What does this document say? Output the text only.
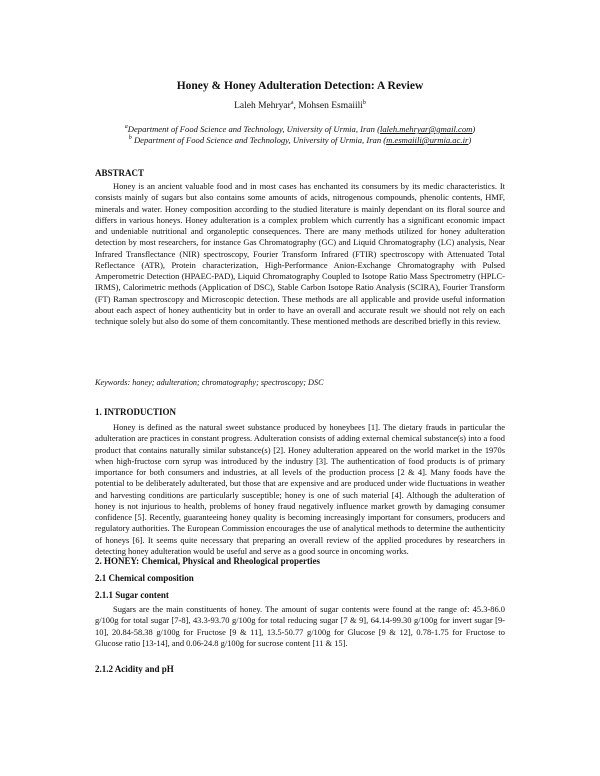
Honey & Honey Adulteration Detection: A Review
Laleh Mehryar$^a$, Mohsen Esmaiili$^b$
$^a$Department of Food Science and Technology, University of Urmia, Iran (laleh.mehryar@gmail.com)
$^b$ Department of Food Science and Technology, University of Urmia, Iran (m.esmaiili@urmia.ac.ir)
ABSTRACT

Honey is an ancient valuable food and in most cases has enchanted its consumers by its medic characteristics. It consists mainly of sugars but also contains some amounts of acids, nitrogenous compounds, phenolic contents, HMF, minerals and water. Honey composition according to the studied literature is mainly dependant on its floral source and differs in various honeys. Honey adulteration is a complex problem which currently has a significant economic impact and undeniable nutritional and organoleptic consequences. There are many methods utilized for honey adulteration detection by most researchers, for instance Gas Chromatography (GC) and Liquid Chromatography (LC) analysis, Near Infrared Transflectance (NIR) spectroscopy, Fourier Transform Infrared (FTIR) spectroscopy with Attenuated Total Reflectance (ATR), Protein characterization, High-Performance Anion-Exchange Chromatography with Pulsed Amperometric Detection (HPAEC-PAD), Liquid Chromatography Coupled to Isotope Ratio Mass Spectrometry (HPLC-IRMS), Calorimetric methods (Application of DSC), Stable Carbon Isotope Ratio Analysis (SCIRA), Fourier Transform (FT) Raman spectroscopy and Microscopic detection. These methods are all applicable and provide useful information about each aspect of honey authenticity but in order to have an overall and accurate result we should not rely on each technique solely but also do some of them concomitantly. These mentioned methods are described briefly in this review.

Keywords: honey; adulteration; chromatography; spectroscopy; DSC
1. INTRODUCTION

Honey is defined as the natural sweet substance produced by honeybees [1]. The dietary frauds in particular the adulteration are practices in constant progress. Adulteration consists of adding external chemical substance(s) into a food product that contains naturally similar substance(s) [2]. Honey adulteration appeared on the world market in the 1970s when high-fructose corn syrup was introduced by the industry [3]. The authentication of food products is of primary importance for both consumers and industries, at all levels of the production process [2 & 4]. Many foods have the potential to be deliberately adulterated, but those that are expensive and are produced under wide fluctuations in weather and harvesting conditions are particularly susceptible; honey is one of such material [4]. Although the adulteration of honey is not injurious to health, problems of honey fraud negatively influence market growth by damaging consumer confidence [5]. Recently, guaranteeing honey quality is becoming increasingly important for consumers, producers and regulatory authorities. The European Commission encourages the use of analytical methods to determine the authenticity of honeys [6]. It seems quite necessary that preparing an overall review of the applied procedures by researchers in detecting honey adulteration would be useful and serve as a good source in oncoming works.

2. HONEY: Chemical, Physical and Rheological properties
2.1 Chemical composition
2.1.1 Sugar content

Sugars are the main constituents of honey. The amount of sugar contents were found at the range of: 45.3-86.0 g/100g for total sugar [7-8], 43.3-93.70 g/100g for total reducing sugar [7 & 9], 64.14-99.30 g/100g for invert sugar [9-10], 20.84-58.38 g/100g for Fructose [9 & 11], 13.5-50.77 g/100g for Glucose [9 & 12], 0.78-1.75 for Fructose to Glucose ratio [13-14], and 0.06-24.8 g/100g for sucrose content [11 & 15].

2.1.2 Acidity and pH
